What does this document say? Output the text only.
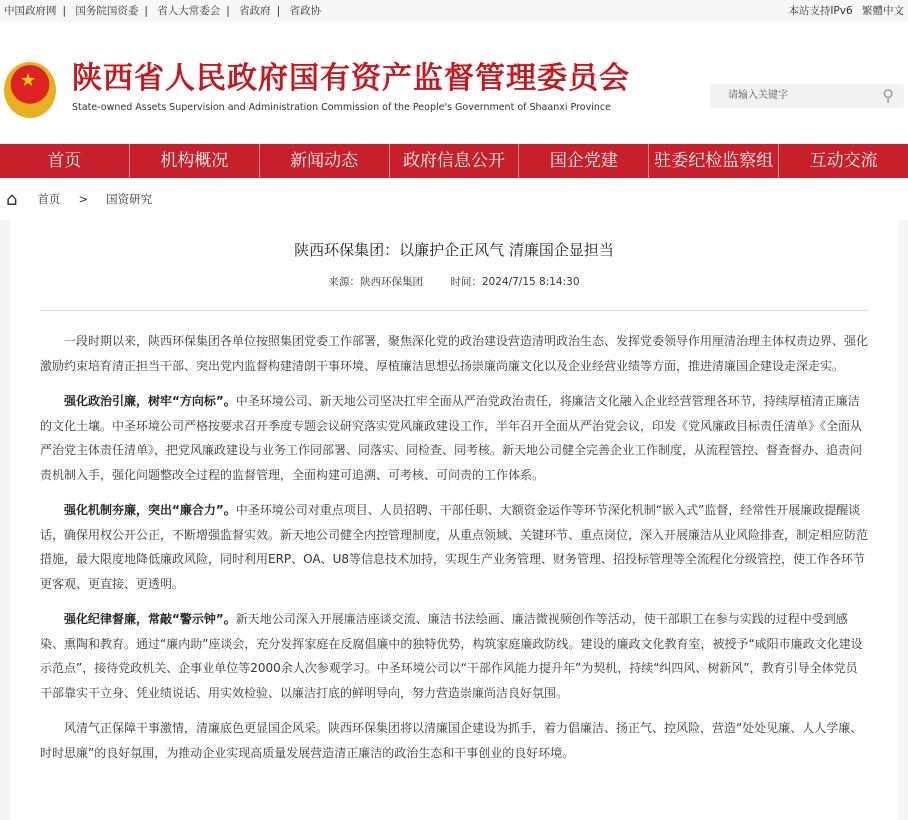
中国政府网 | 国务院国资委 | 省人大常委会 | 省政府 | 省政协	本站支持IPv6 繁體中文
★
陕西省人民政府国有资产监督管理委员会
State-owned Assets Supervision and Administration Commission of the People's Government of Shaanxi Province
请输入关键字	⚲
首页	机构概况	新闻动态	政府信息公开	国企党建	驻委纪检监察组	互动交流
⌂ 首页 > 国资研究
陕西环保集团：以廉护企正风气 清廉国企显担当
来源：陕西环保集团	时间：2024/7/15 8:14:30

一段时期以来，陕西环保集团各单位按照集团党委工作部署，聚焦深化党的政治建设营造清明政治生态、发挥党委领导作用厘清治理主体权责边界、强化激励约束培育清正担当干部、突出党内监督构建清朗干事环境、厚植廉洁思想弘扬崇廉尚廉文化以及企业经营业绩等方面，推进清廉国企建设走深走实。

强化政治引廉，树牢“方向标”。中圣环境公司、新天地公司坚决扛牢全面从严治党政治责任，将廉洁文化融入企业经营管理各环节，持续厚植清正廉洁的文化土壤。中圣环境公司严格按要求召开季度专题会议研究落实党风廉政建设工作，半年召开全面从严治党会议，印发《党风廉政目标责任清单》《全面从严治党主体责任清单》，把党风廉政建设与业务工作同部署、同落实、同检查、同考核。新天地公司健全完善企业工作制度，从流程管控、督查督办、追责问责机制入手，强化问题整改全过程的监督管理，全面构建可追溯、可考核、可问责的工作体系。

强化机制夯廉，突出“廉合力”。中圣环境公司对重点项目、人员招聘、干部任职、大额资金运作等环节深化机制“嵌入式”监督，经常性开展廉政提醒谈话，确保用权公开公正，不断增强监督实效。新天地公司健全内控管理制度，从重点领域、关键环节、重点岗位，深入开展廉洁从业风险排查，制定相应防范措施，最大限度地降低廉政风险，同时利用ERP、OA、U8等信息技术加持，实现生产业务管理、财务管理、招投标管理等全流程化分级管控，使工作各环节更客观、更直接、更透明。

强化纪律督廉，常敲“警示钟”。新天地公司深入开展廉洁座谈交流、廉洁书法绘画、廉洁微视频创作等活动，使干部职工在参与实践的过程中受到感染、熏陶和教育。通过“廉内助”座谈会，充分发挥家庭在反腐倡廉中的独特优势，构筑家庭廉政防线。建设的廉政文化教育室，被授予“咸阳市廉政文化建设示范点”，接待党政机关、企事业单位等2000余人次参观学习。中圣环境公司以“干部作风能力提升年”为契机，持续“纠四风、树新风”，教育引导全体党员干部靠实干立身、凭业绩说话、用实效检验、以廉洁打底的鲜明导向，努力营造崇廉尚洁良好氛围。

风清气正保障干事激情，清廉底色更显国企风采。陕西环保集团将以清廉国企建设为抓手，着力倡廉洁、扬正气、控风险，营造“处处见廉、人人学廉、时时思廉”的良好氛围，为推动企业实现高质量发展营造清正廉洁的政治生态和干事创业的良好环境。
